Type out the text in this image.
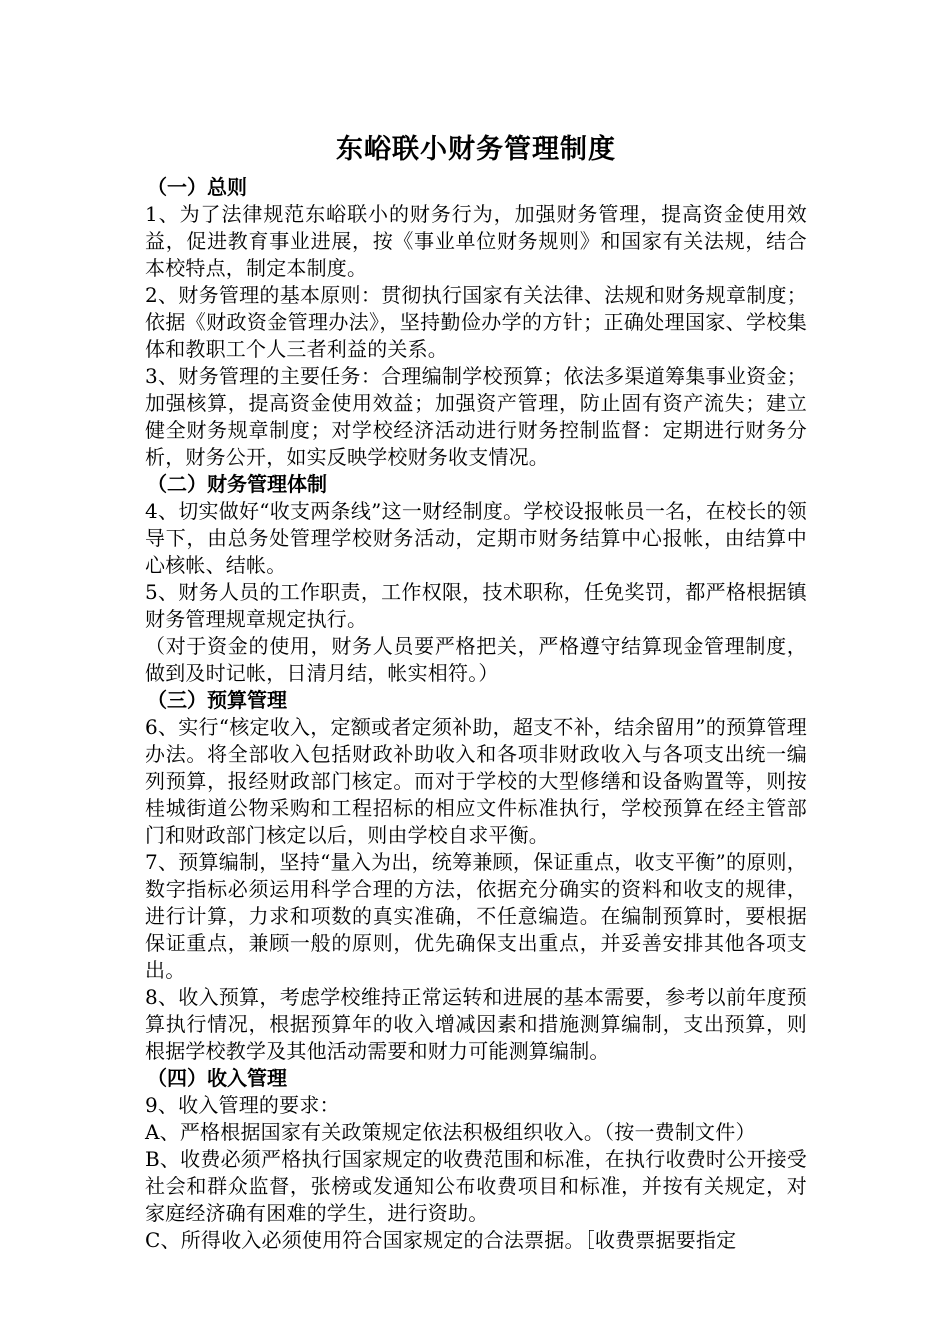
东峪联小财务管理制度

（一）总则

1、为了法律规范东峪联小的财务行为，加强财务管理，提高资金使用效益，促进教育事业进展，按《事业单位财务规则》和国家有关法规，结合本校特点，制定本制度。

2、财务管理的基本原则：贯彻执行国家有关法律、法规和财务规章制度；依据《财政资金管理办法》，坚持勤俭办学的方针；正确处理国家、学校集体和教职工个人三者利益的关系。

3、财务管理的主要任务：合理编制学校预算；依法多渠道筹集事业资金；加强核算，提高资金使用效益；加强资产管理，防止固有资产流失；建立健全财务规章制度；对学校经济活动进行财务控制监督：定期进行财务分析，财务公开，如实反映学校财务收支情况。

（二）财务管理体制

4、切实做好“收支两条线”这一财经制度。学校设报帐员一名，在校长的领导下，由总务处管理学校财务活动，定期市财务结算中心报帐，由结算中心核帐、结帐。

5、财务人员的工作职责，工作权限，技术职称，任免奖罚，都严格根据镇财务管理规章规定执行。

（对于资金的使用，财务人员要严格把关，严格遵守结算现金管理制度，做到及时记帐，日清月结，帐实相符。）

（三）预算管理

6、实行“核定收入，定额或者定须补助，超支不补，结余留用”的预算管理办法。将全部收入包括财政补助收入和各项非财政收入与各项支出统一编列预算，报经财政部门核定。而对于学校的大型修缮和设备购置等，则按桂城街道公物采购和工程招标的相应文件标准执行，学校预算在经主管部门和财政部门核定以后，则由学校自求平衡。

7、预算编制，坚持“量入为出，统筹兼顾，保证重点，收支平衡”的原则，数字指标必须运用科学合理的方法，依据充分确实的资料和收支的规律，进行计算，力求和项数的真实准确，不任意编造。在编制预算时，要根据保证重点，兼顾一般的原则，优先确保支出重点，并妥善安排其他各项支出。

8、收入预算，考虑学校维持正常运转和进展的基本需要，参考以前年度预算执行情况，根据预算年的收入增减因素和措施测算编制，支出预算，则根据学校教学及其他活动需要和财力可能测算编制。

（四）收入管理

9、收入管理的要求：

A、严格根据国家有关政策规定依法积极组织收入。（按一费制文件）

B、收费必须严格执行国家规定的收费范围和标准，在执行收费时公开接受社会和群众监督，张榜或发通知公布收费项目和标准，并按有关规定，对家庭经济确有困难的学生，进行资助。

C、所得收入必须使用符合国家规定的合法票据。［收费票据要指定
